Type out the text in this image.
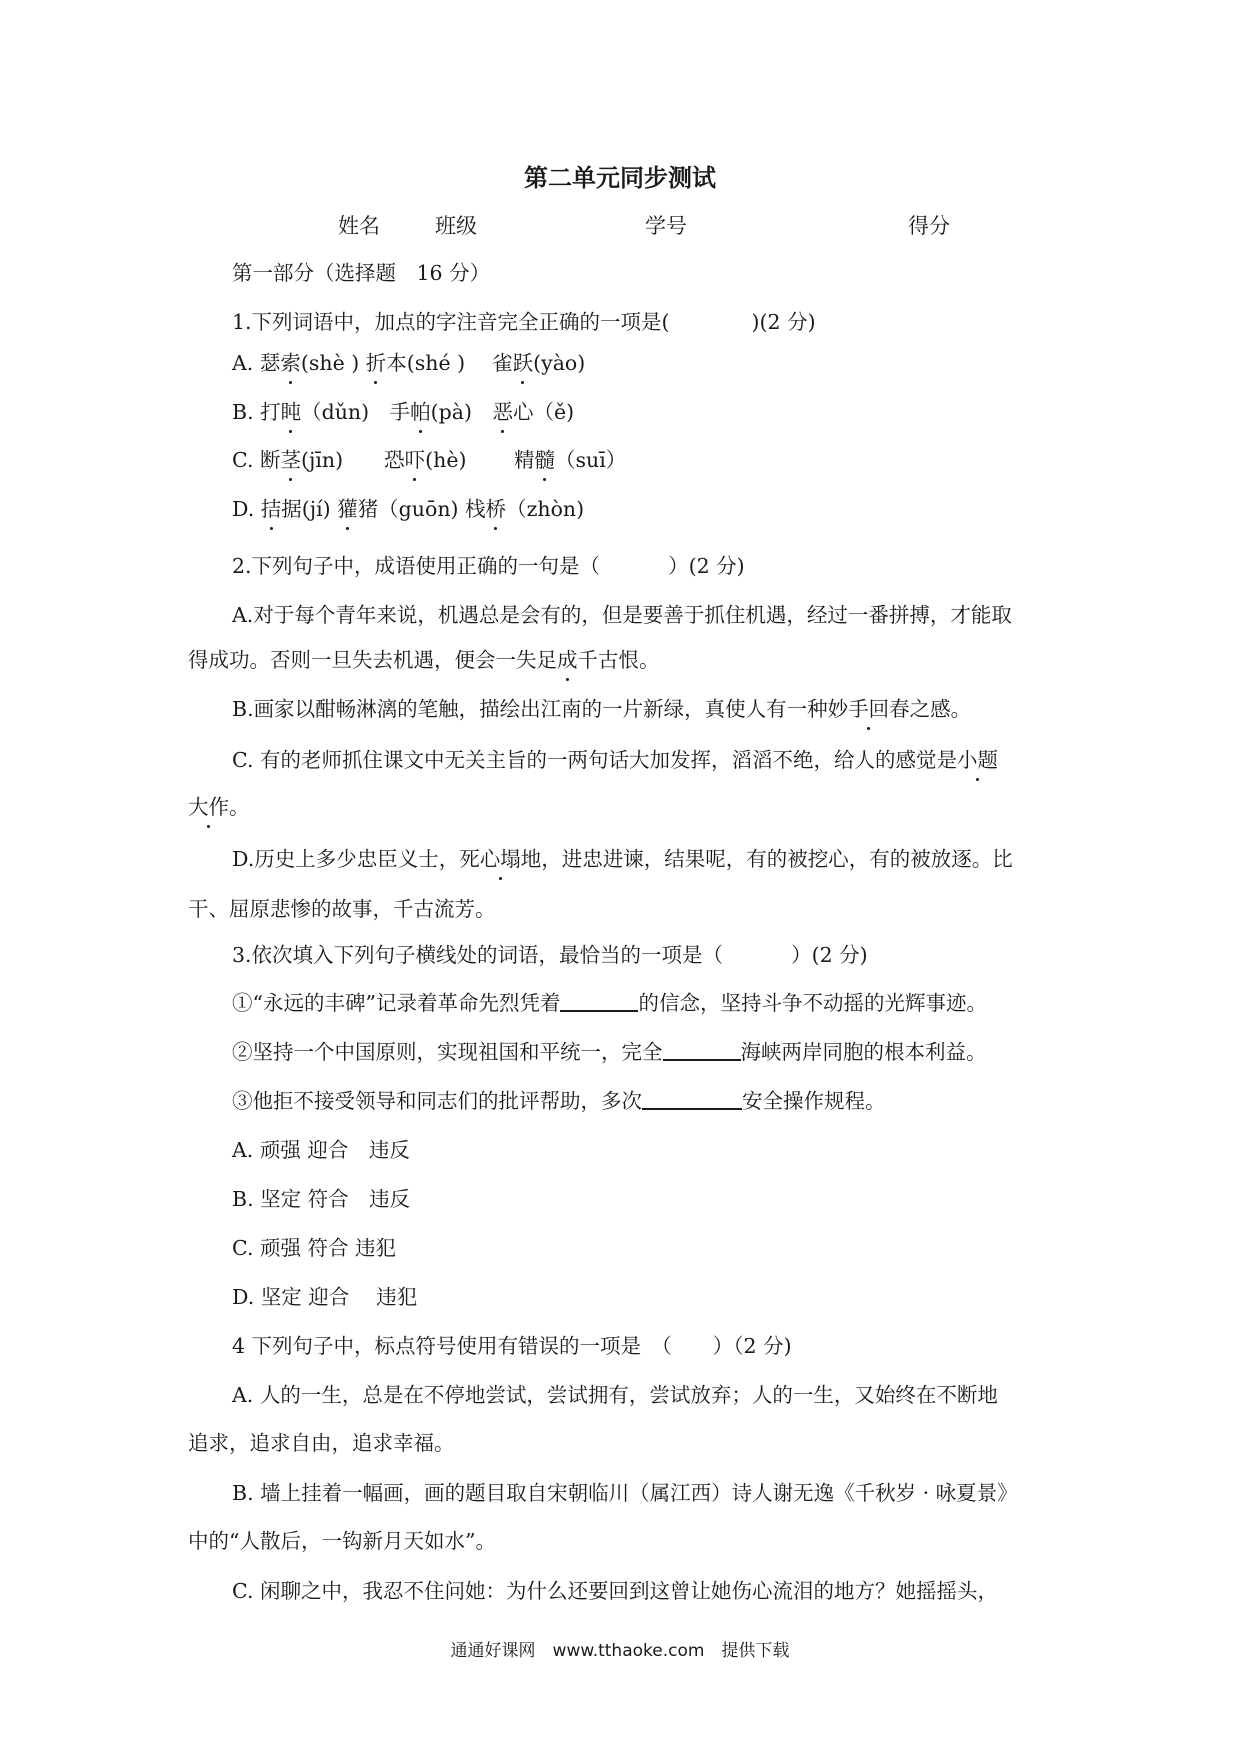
第二单元同步测试
姓名	班级	学号	得分
第一部分（选择题　16 分）
1.下列词语中，加点的字注音完全正确的一项是(　　　　)(2 分)
A. 瑟索(shè ) 折本(shé )　 雀跃(yào)
B. 打盹（dǔn)　手帕(pà)　恶心（ě)
C. 断茎(jīn)　　恐吓(hè)　　 精髓（suī）
D. 拮据(jí) 獾猪（guōn) 栈桥（zhòn)
2.下列句子中，成语使用正确的一句是（　　　 ）(2 分)
A.对于每个青年来说，机遇总是会有的，但是要善于抓住机遇，经过一番拼搏，才能取
得成功。否则一旦失去机遇，便会一失足成千古恨。
B.画家以酣畅淋漓的笔触，描绘出江南的一片新绿，真使人有一种妙手回春之感。
C. 有的老师抓住课文中无关主旨的一两句话大加发挥，滔滔不绝，给人的感觉是小题
大作。
D.历史上多少忠臣义士，死心塌地，进忠进谏，结果呢，有的被挖心，有的被放逐。比
干、屈原悲惨的故事，千古流芳。
3.依次填入下列句子横线处的词语，最恰当的一项是（　　　 ）(2 分)
①“永远的丰碑”记录着革命先烈凭着	的信念，坚持斗争不动摇的光辉事迹。
②坚持一个中国原则，实现祖国和平统一，完全	海峡两岸同胞的根本利益。
③他拒不接受领导和同志们的批评帮助，多次	安全操作规程。
A. 顽强 迎合　违反
B. 坚定 符合　违反
C. 顽强 符合 违犯
D. 坚定 迎合　 违犯
4 下列句子中，标点符号使用有错误的一项是　（　　）（2 分)
A. 人的一生，总是在不停地尝试，尝试拥有，尝试放弃；人的一生，又始终在不断地
追求，追求自由，追求幸福。
B. 墙上挂着一幅画，画的题目取自宋朝临川（属江西）诗人谢无逸《千秋岁 · 咏夏景》
中的“人散后，一钩新月天如水”。
C. 闲聊之中，我忍不住问她：为什么还要回到这曾让她伤心流泪的地方？她摇摇头，
通通好课网　www.tthaoke.com　提供下载
